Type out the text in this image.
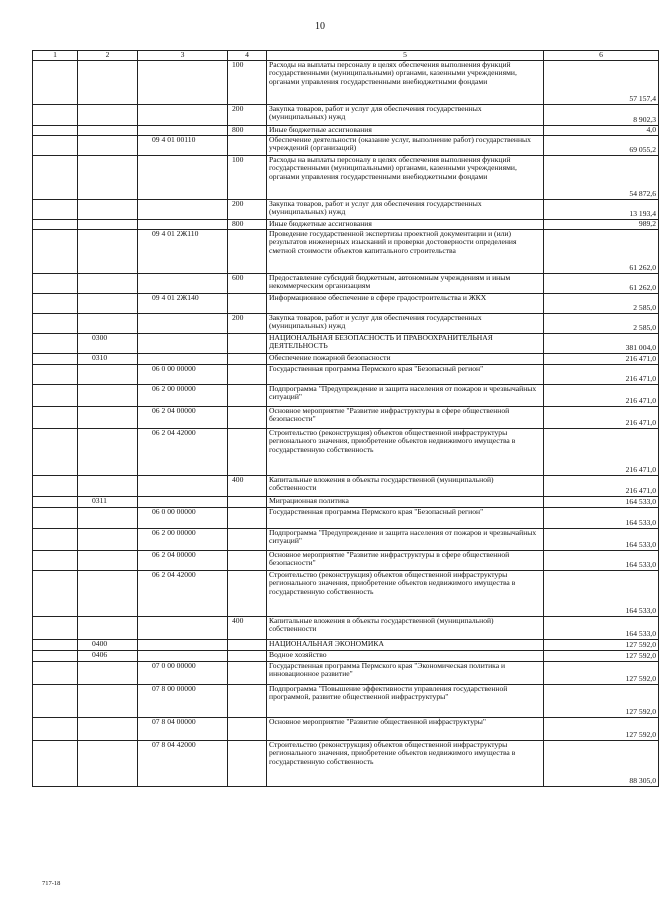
10
1	2	3	4	5	6
			100	Расходы на выплаты персоналу в целях обеспечения выполнения функций государственными (муниципальными) органами, казенными учреждениями, органами управления государственными внебюджетными фондами	57 157,4
			200	Закупка товаров, работ и услуг для обеспечения государственных (муниципальных) нужд	8 902,3
			800	Иные бюджетные ассигнования	4,0
		09 4 01 00110		Обеспечение деятельности (оказание услуг, выполнение работ) государственных учреждений (организаций)	69 055,2
			100	Расходы на выплаты персоналу в целях обеспечения выполнения функций государственными (муниципальными) органами, казенными учреждениями, органами управления государственными внебюджетными фондами	54 872,6
			200	Закупка товаров, работ и услуг для обеспечения государственных (муниципальных) нужд	13 193,4
			800	Иные бюджетные ассигнования	989,2
		09 4 01 2Ж110		Проведение государственной экспертизы проектной документации и (или) результатов инженерных изысканий и проверки достоверности определения сметной стоимости объектов капитального строительства	61 262,0
			600	Предоставление субсидий бюджетным, автономным учреждениям и иным некоммерческим организациям	61 262,0
		09 4 01 2Ж140		Информационное обеспечение в сфере градостроительства и ЖКХ	2 585,0
			200	Закупка товаров, работ и услуг для обеспечения государственных (муниципальных) нужд	2 585,0
	0300			НАЦИОНАЛЬНАЯ БЕЗОПАСНОСТЬ И ПРАВООХРАНИТЕЛЬНАЯ ДЕЯТЕЛЬНОСТЬ	381 004,0
	0310			Обеспечение пожарной безопасности	216 471,0
		06 0 00 00000		Государственная программа Пермского края "Безопасный регион"	216 471,0
		06 2 00 00000		Подпрограмма "Предупреждение и защита населения от пожаров и чрезвычайных ситуаций"	216 471,0
		06 2 04 00000		Основное мероприятие "Развитие инфраструктуры в сфере общественной безопасности"	216 471,0
		06 2 04 42000		Строительство (реконструкция) объектов общественной инфраструктуры регионального значения, приобретение объектов недвижимого имущества в государственную собственность	216 471,0
			400	Капитальные вложения в объекты государственной (муниципальной) собственности	216 471,0
	0311			Миграционная политика	164 533,0
		06 0 00 00000		Государственная программа Пермского края "Безопасный регион"	164 533,0
		06 2 00 00000		Подпрограмма "Предупреждение и защита населения от пожаров и чрезвычайных ситуаций"	164 533,0
		06 2 04 00000		Основное мероприятие "Развитие инфраструктуры в сфере общественной безопасности"	164 533,0
		06 2 04 42000		Строительство (реконструкция) объектов общественной инфраструктуры регионального значения, приобретение объектов недвижимого имущества в государственную собственность	164 533,0
			400	Капитальные вложения в объекты государственной (муниципальной) собственности	164 533,0
	0400			НАЦИОНАЛЬНАЯ ЭКОНОМИКА	127 592,0
	0406			Водное хозяйство	127 592,0
		07 0 00 00000		Государственная программа Пермского края "Экономическая политика и инновационное развитие"	127 592,0
		07 8 00 00000		Подпрограмма "Повышение эффективности управления государственной программой, развитие общественной инфраструктуры"	127 592,0
		07 8 04 00000		Основное мероприятие "Развитие общественной инфраструктуры"	127 592,0
		07 8 04 42000		Строительство (реконструкция) объектов общественной инфраструктуры регионального значения, приобретение объектов недвижимого имущества в государственную собственность	88 305,0
717-18
